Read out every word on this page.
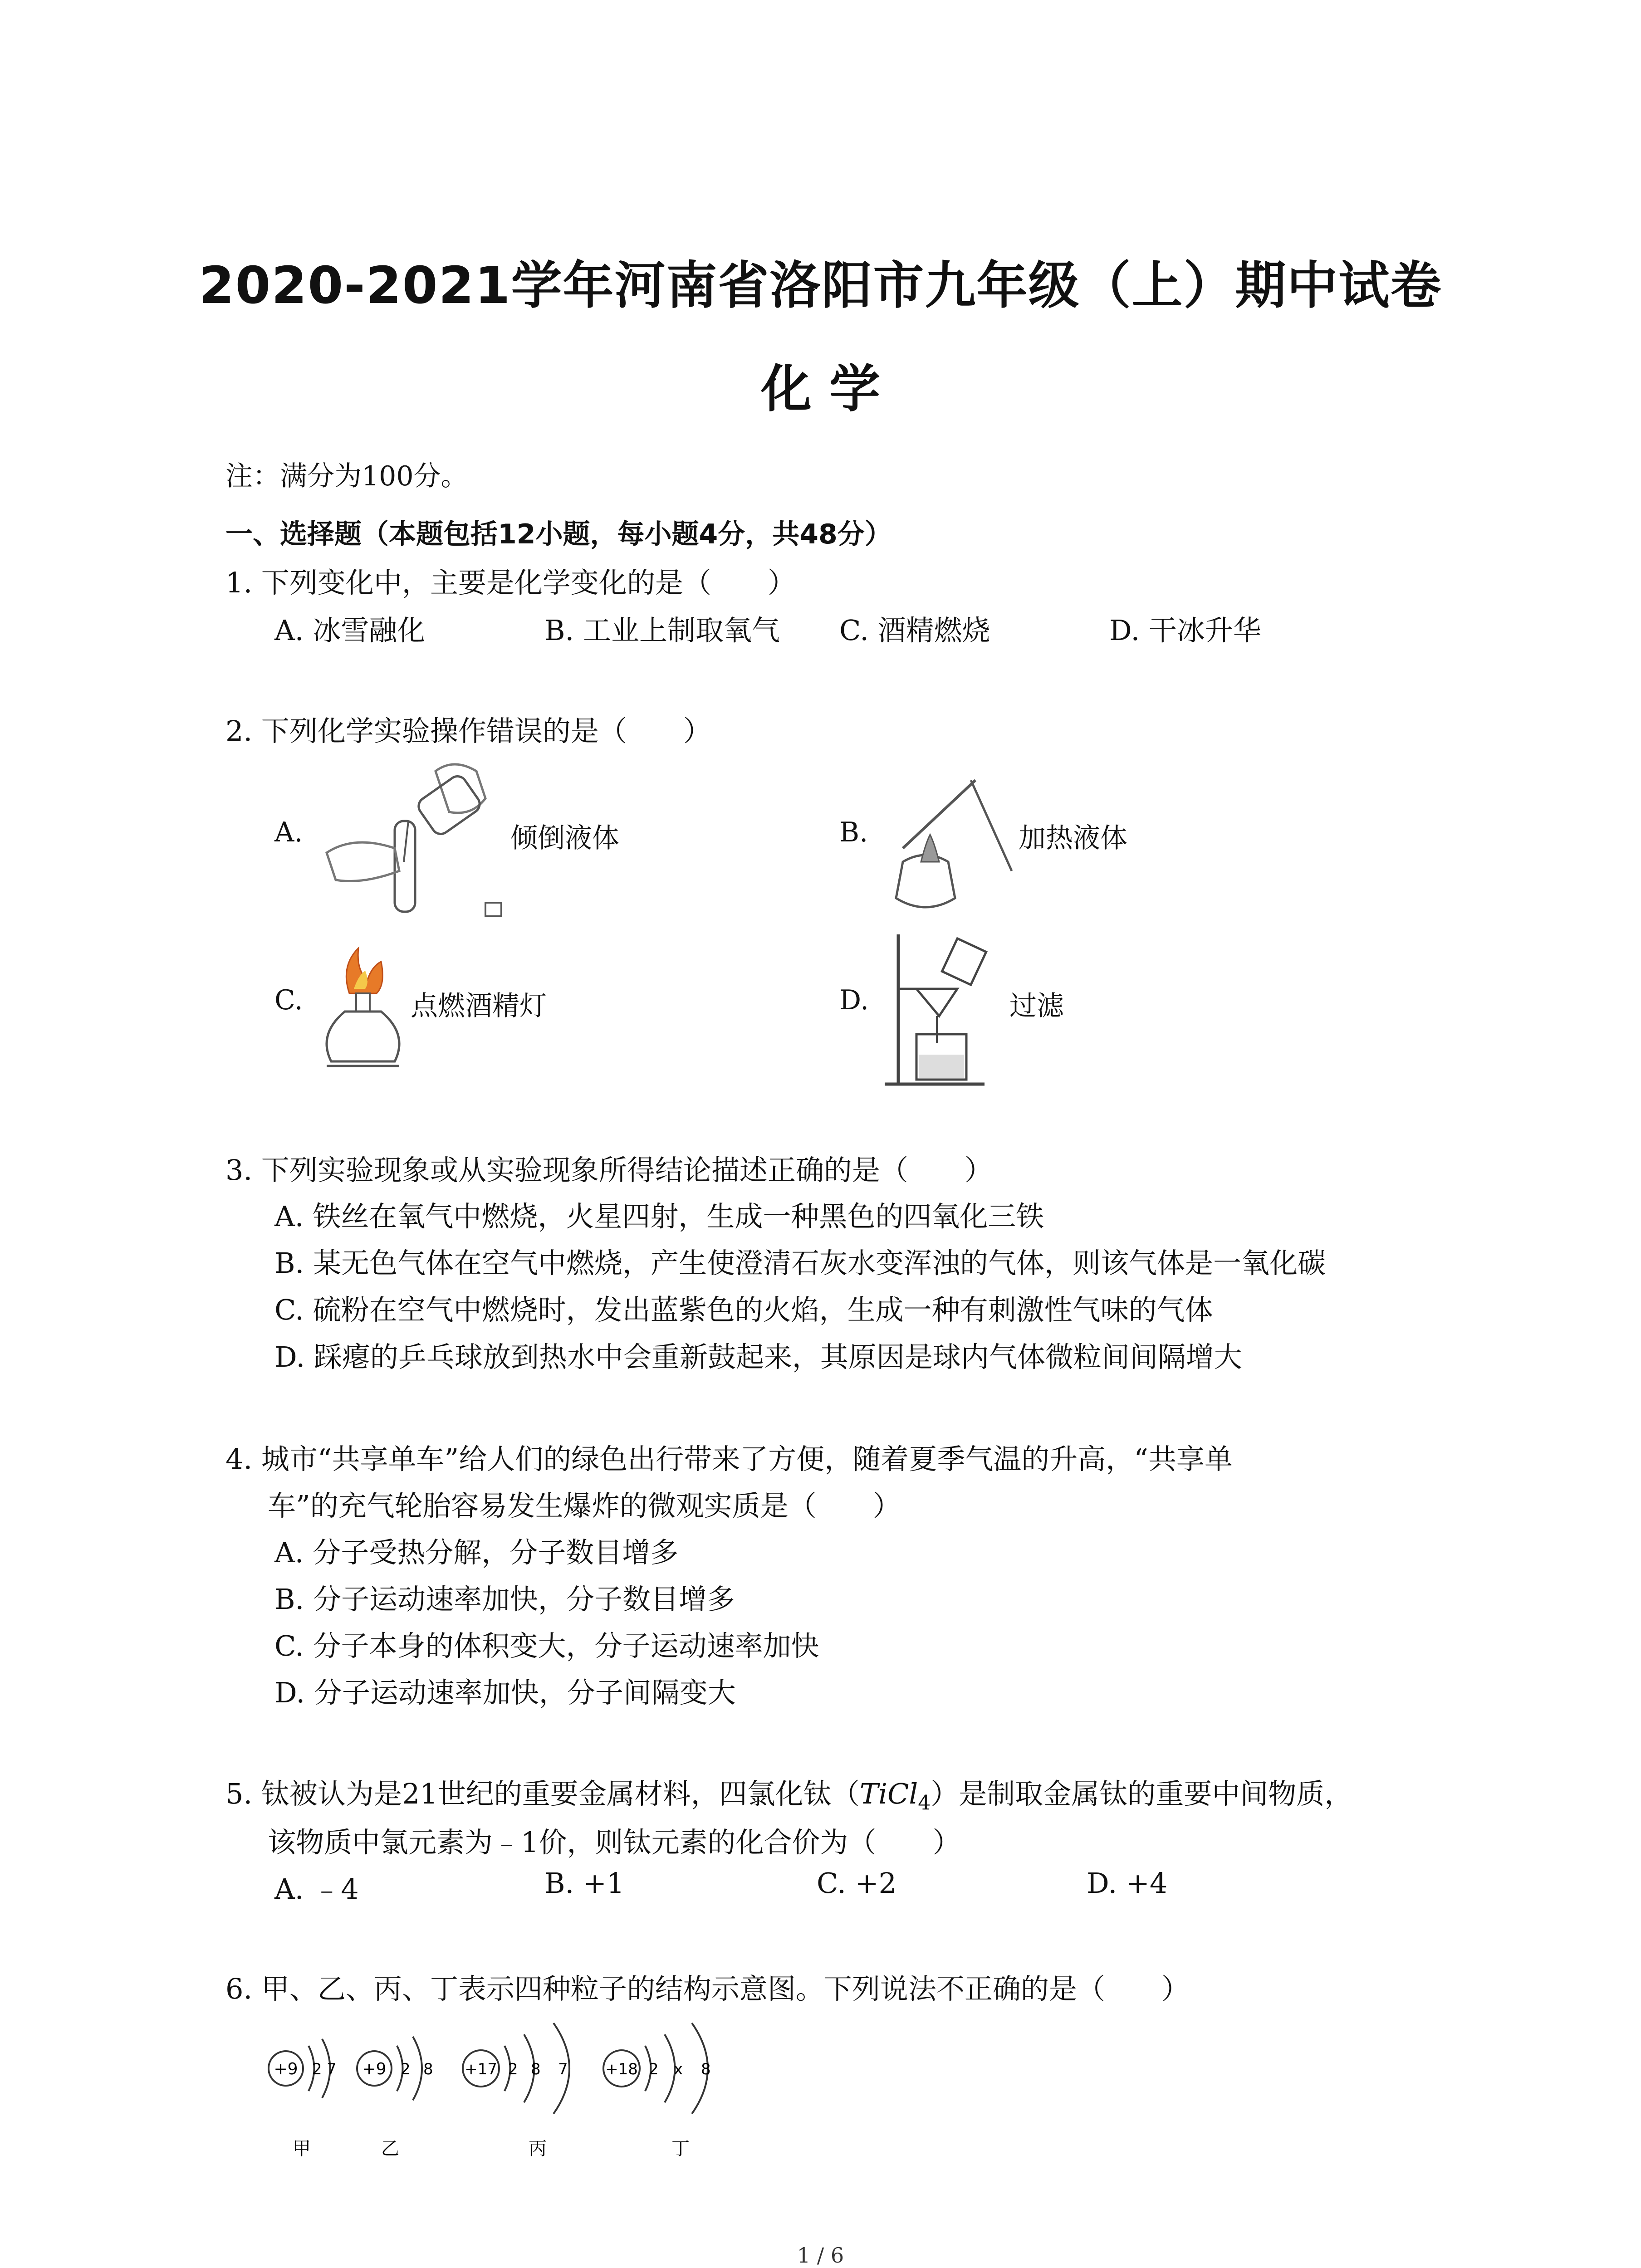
2020-2021学年河南省洛阳市九年级（上）期中试卷
化 学
注：满分为100分。
一、选择题（本题包括12小题，每小题4分，共48分）
1. 下列变化中，主要是化学变化的是（　　）
A. 冰雪融化	B. 工业上制取氧气 C. 酒精燃烧	D. 干冰升华
2. 下列化学实验操作错误的是（　　）
A.	倾倒液体	B.	加热液体
C.	点燃酒精灯	D.	过滤
3. 下列实验现象或从实验现象所得结论描述正确的是（　　）
A. 铁丝在氧气中燃烧，火星四射，生成一种黑色的四氧化三铁
B. 某无色气体在空气中燃烧，产生使澄清石灰水变浑浊的气体，则该气体是一氧化碳
C. 硫粉在空气中燃烧时，发出蓝紫色的火焰，生成一种有刺激性气味的气体
D. 踩瘪的乒乓球放到热水中会重新鼓起来，其原因是球内气体微粒间间隔增大
4. 城市“共享单车”给人们的绿色出行带来了方便，随着夏季气温的升高，“共享单
车”的充气轮胎容易发生爆炸的微观实质是（　　）
A. 分子受热分解，分子数目增多
B. 分子运动速率加快，分子数目增多
C. 分子本身的体积变大，分子运动速率加快
D. 分子运动速率加快，分子间隔变大
5. 钛被认为是21世纪的重要金属材料，四氯化钛（TiCl$_4$）是制取金属钛的重要中间物质，
该物质中氯元素为﹣1价，则钛元素的化合价为（　　）
A. ﹣4	B. +1	C. +2	D. +4
6. 甲、乙、丙、丁表示四种粒子的结构示意图。下列说法不正确的是（　　）
+9 2 7
甲
+9 2 8
乙
+17 2 8 7
丙
+18 2 x 8
丁
1 / 6
